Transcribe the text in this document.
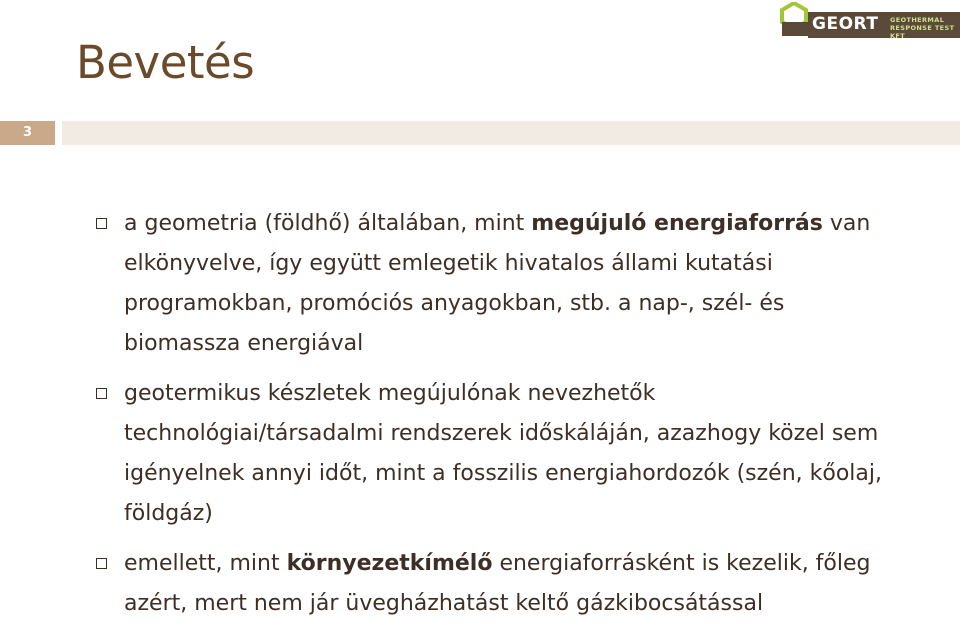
Bevetés
GEORT GEOTHERMAL
RESPONSE TEST KFT
3

a geometria (földhő) általában, mint megújuló energiaforrás van elkönyvelve, így együtt emlegetik hivatalos állami kutatási programokban, promóciós anyagokban, stb. a nap-, szél- és biomassza energiával

geotermikus készletek megújulónak nevezhetők technológiai/társadalmi rendszerek időskáláján, azazhogy közel sem igényelnek annyi időt, mint a fosszilis energiahordozók (szén, kőolaj, földgáz)

emellett, mint környezetkímélő energiaforrásként is kezelik, főleg azért, mert nem jár üvegházhatást keltő gázkibocsátással
